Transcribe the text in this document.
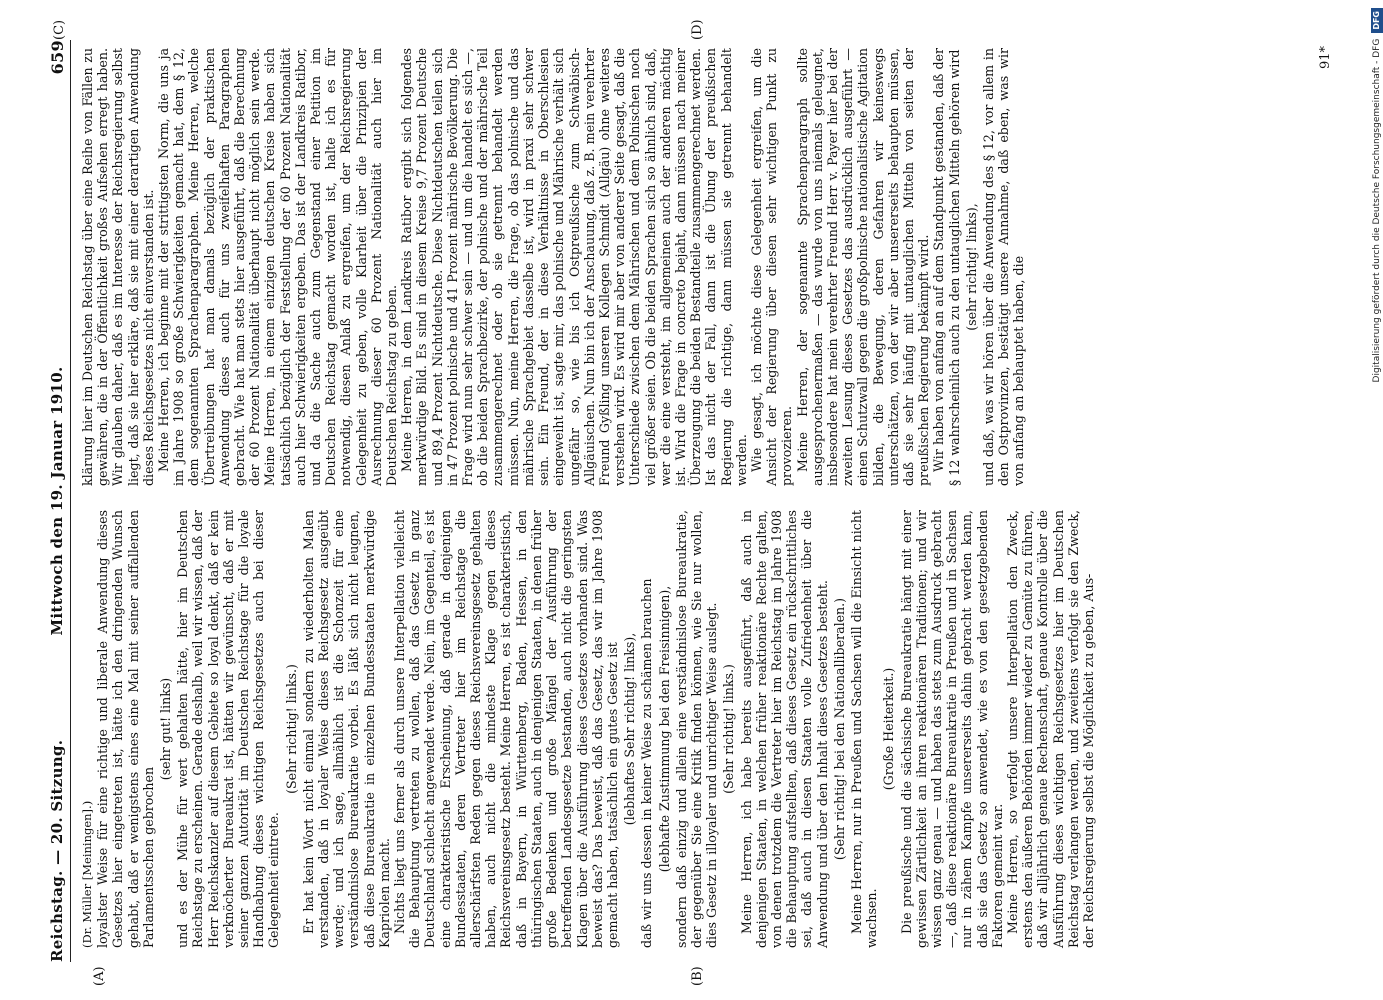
Reichstag. — 20. Sitzung.
Mittwoch den 19. Januar 1910.
659
(A)	(B)
(C)	(D)

(Dr. Müller [Meiningen].) loyalster Weise für eine richtige und liberale Anwendung dieses Gesetzes hier eingetreten ist, hätte ich den dringenden Wunsch gehabt, daß er wenigstens eines eine Mal mit seiner auffallenden Parlamentsschen gebrochen

(sehr gut! links) und es der Mühe für wert gehalten hätte, hier im Deutschen Reichstage zu erscheinen. Gerade deshalb, weil wir wissen, daß der Herr Reichskanzler auf diesem Gebiete so loyal denkt, daß er kein verknöcherter Bureaukrat ist, hätten wir gewünscht, daß er mit seiner ganzen Autorität im Deutschen Reichstage für die loyale Handhabung dieses wichtigen Reichsgesetzes auch bei dieser Gelegenheit eintrete.

(Sehr richtig! links.) Er hat kein Wort nicht einmal sondern zu wiederholten Malen verstanden, daß in loyaler Weise dieses Reichsgesetz ausgeübt werde; und ich sage, allmählich ist die Schonzeit für eine verständnislose Bureaukratie vorbei. Es läßt sich nicht leugnen, daß diese Bureaukratie in einzelnen Bundesstaaten merkwürdige Kapriolen macht. Nichts liegt uns ferner als durch unsere Interpellation vielleicht die Behauptung vertreten zu wollen, daß das Gesetz in ganz Deutschland schlecht angewendet werde. Nein, im Gegenteil, es ist eine charakteristische Erscheinung, daß gerade in denjenigen Bundesstaaten, deren Vertreter hier im Reichstage die allerschärfsten Reden gegen dieses Reichsvereinsgesetz gehalten haben, auch nicht die mindeste Klage gegen dieses Reichsvereinsgesetz besteht. Meine Herren, es ist charakteristisch, daß in Bayern, in Württemberg, Baden, Hessen, in den thüringischen Staaten, auch in denjenigen Staaten, in denen früher große Bedenken und große Mängel der Ausführung der betreffenden Landesgesetze bestanden, auch nicht die geringsten Klagen über die Ausführung dieses Gesetzes vorhanden sind. Was beweist das? Das beweist, daß das Gesetz, das wir im Jahre 1908 gemacht haben, tatsächlich ein gutes Gesetz ist (lebhaftes Sehr richtig! links), daß wir uns dessen in keiner Weise zu schämen brauchen (lebhafte Zustimmung bei den Freisinnigen), sondern daß einzig und allein eine verständnislose Bureaukratie, der gegenüber Sie eine Kritik finden können, wie Sie nur wollen, dies Gesetz in illoyaler und unrichtiger Weise auslegt. (Sehr richtig! links.) Meine Herren, ich habe bereits ausgeführt, daß auch in denjenigen Staaten, in welchen früher reaktionäre Rechte galten, von denen trotzdem die Vertreter hier im Reichstag im Jahre 1908 die Behauptung aufstellten, daß dieses Gesetz ein rückschrittliches sei, daß auch in diesen Staaten volle Zufriedenheit über die Anwendung und über den Inhalt dieses Gesetzes besteht. (Sehr richtig! bei den Nationalliberalen.) Meine Herren, nur in Preußen und Sachsen will die Einsicht nicht wachsen.

(Große Heiterkeit.) Die preußische und die sächsische Bureaukratie hängt mit einer gewissen Zärtlichkeit an ihren reaktionären Traditionen; und wir wissen ganz genau — und haben das stets zum Ausdruck gebracht —, daß diese reaktionäre Bureaukratie in Preußen und in Sachsen nur in zähem Kampfe unsererseits dahin gebracht werden kann, daß sie das Gesetz so anwendet, wie es von den gesetzgebenden Faktoren gemeint war. Meine Herren, so verfolgt unsere Interpellation den Zweck, erstens den äußeren Behörden immer wieder zu Gemüte zu führen, daß wir alljährlich genaue Rechenschaft, genaue Kontrolle über die Ausführung dieses wichtigen Reichsgesetzes hier im Deutschen Reichstag verlangen werden, und zweitens verfolgt sie den Zweck, der Reichsregierung selbst die Möglichkeit zu geben, Aus-

klärung hier im Deutschen Reichstag über eine Reihe von Fällen zu gewähren, die in der Öffentlichkeit großes Aufsehen erregt haben. Wir glauben daher, daß es im Interesse der Reichsregierung selbst liegt, daß sie hier erkläre, daß sie mit einer derartigen Anwendung dieses Reichsgesetzes nicht einverstanden ist. Meine Herren, ich beginne mit der strittigsten Norm, die uns ja im Jahre 1908 so große Schwierigkeiten gemacht hat, dem § 12, dem sogenannten Sprachenparagraphen. Meine Herren, welche Übertreibungen hat man damals bezüglich der praktischen Anwendung dieses auch für uns zweifelhaften Paragraphen gebracht. Wie hat man stets hier ausgeführt, daß die Berechnung der 60 Prozent Nationalität überhaupt nicht möglich sein werde. Meine Herren, in einem einzigen deutschen Kreise haben sich tatsächlich bezüglich der Feststellung der 60 Prozent Nationalität auch hier Schwierigkeiten ergeben. Das ist der Landkreis Ratibor, und da die Sache auch zum Gegenstand einer Petition im Deutschen Reichstag gemacht worden ist, halte ich es für notwendig, diesen Anlaß zu ergreifen, um der Reichsregierung Gelegenheit zu geben, volle Klarheit über die Prinzipien der Ausrechnung dieser 60 Prozent Nationalität auch hier im Deutschen Reichstag zu geben. Meine Herren, in dem Landkreis Ratibor ergibt sich folgendes merkwürdige Bild. Es sind in diesem Kreise 9,7 Prozent Deutsche und 89,4 Prozent Nichtdeutsche. Diese Nichtdeutschen teilen sich in 47 Prozent polnische und 41 Prozent mährische Bevölkerung. Die Frage wird nun sehr schwer sein — und um die handelt es sich —, ob die beiden Sprachbezirke, der polnische und der mährische Teil zusammengerechnet oder ob sie getrennt behandelt werden müssen. Nun, meine Herren, die Frage, ob das polnische und das mährische Sprachgebiet dasselbe ist, wird in praxi sehr schwer sein. Ein Freund, der in diese Verhältnisse in Oberschlesien eingeweiht ist, sagte mir, das polnische und Mährische verhält sich ungefähr so, wie bis ich Ostpreußische zum Schwäbisch-Allgäuischen. Nun bin ich der Anschauung, daß z. B. mein verehrter Freund Gyßling unseren Kollegen Schmidt (Allgäu) ohne weiteres verstehen wird. Es wird mir aber von anderer Seite gesagt, daß die Unterschiede zwischen dem Mährischen und dem Polnischen noch viel größer seien. Ob die beiden Sprachen sich so ähnlich sind, daß, wer die eine versteht, im allgemeinen auch der anderen mächtig ist. Wird die Frage in concreto bejaht, dann müssen nach meiner Überzeugung die beiden Bestandteile zusammengerechnet werden. Ist das nicht der Fall, dann ist die Übung der preußischen Regierung die richtige, dann müssen sie getrennt behandelt werden. Wie gesagt, ich möchte diese Gelegenheit ergreifen, um die Ansicht der Regierung über diesen sehr wichtigen Punkt zu provozieren. Meine Herren, der sogenannte Sprachenparagraph sollte ausgesprochenermaßen — das wurde von uns niemals geleugnet, insbesondere hat mein verehrter Freund Herr v. Payer hier bei der zweiten Lesung dieses Gesetzes das ausdrücklich ausgeführt — einen Schutzwall gegen die großpolnische nationalistische Agitation bilden, die Bewegung, deren Gefahren wir keineswegs unterschätzen, von der wir aber unsererseits behaupten müssen, daß sie sehr häufig mit untauglichen Mitteln von seiten der preußischen Regierung bekämpft wird. Wir haben von anfang an auf dem Standpunkt gestanden, daß der § 12 wahrscheinlich auch zu den untauglichen Mitteln gehören wird (sehr richtig! links), und daß, was wir hören über die Anwendung des § 12, vor allem in den Ostprovinzen, bestätigt unsere Annahme, daß eben, was wir von anfang an behauptet haben, die

91*	Digitalisierung gefördert durch die Deutsche Forschungsgemeinschaft - DFG
DFG
